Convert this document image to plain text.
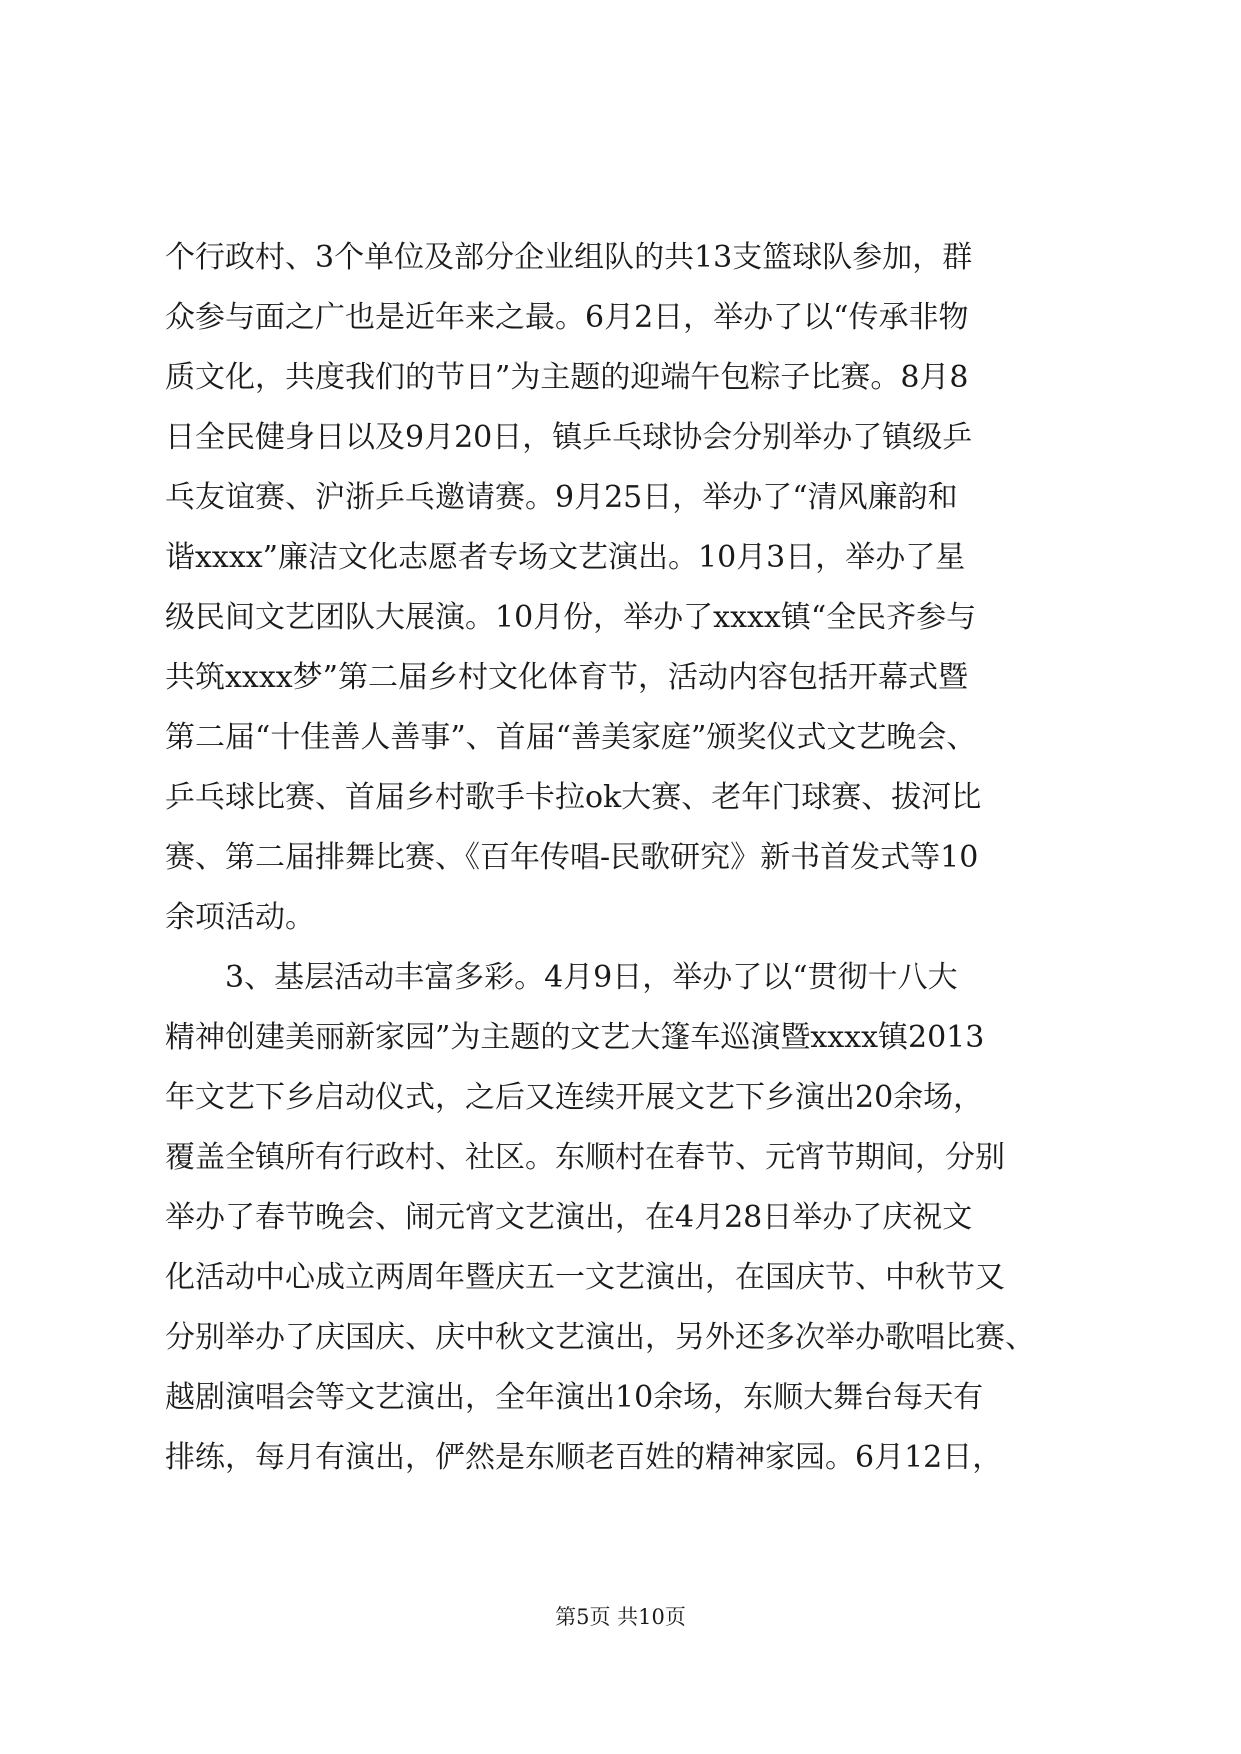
个行政村、3个单位及部分企业组队的共13支篮球队参加，群
众参与面之广也是近年来之最。6月2日，举办了以“传承非物
质文化，共度我们的节日”为主题的迎端午包粽子比赛。8月8
日全民健身日以及9月20日，镇乒乓球协会分别举办了镇级乒
乓友谊赛、沪浙乒乓邀请赛。9月25日，举办了“清风廉韵和
谐xxxx”廉洁文化志愿者专场文艺演出。10月3日，举办了星
级民间文艺团队大展演。10月份，举办了xxxx镇“全民齐参与
共筑xxxx梦”第二届乡村文化体育节，活动内容包括开幕式暨
第二届“十佳善人善事”、首届“善美家庭”颁奖仪式文艺晚会、
乒乓球比赛、首届乡村歌手卡拉ok大赛、老年门球赛、拔河比
赛、第二届排舞比赛、《百年传唱-民歌研究》新书首发式等10
余项活动。
　　3、基层活动丰富多彩。4月9日，举办了以“贯彻十八大
精神创建美丽新家园”为主题的文艺大篷车巡演暨xxxx镇2013
年文艺下乡启动仪式，之后又连续开展文艺下乡演出20余场，
覆盖全镇所有行政村、社区。东顺村在春节、元宵节期间，分别
举办了春节晚会、闹元宵文艺演出，在4月28日举办了庆祝文
化活动中心成立两周年暨庆五一文艺演出，在国庆节、中秋节又
分别举办了庆国庆、庆中秋文艺演出，另外还多次举办歌唱比赛、
越剧演唱会等文艺演出，全年演出10余场，东顺大舞台每天有
排练，每月有演出，俨然是东顺老百姓的精神家园。6月12日，
第5页 共10页
